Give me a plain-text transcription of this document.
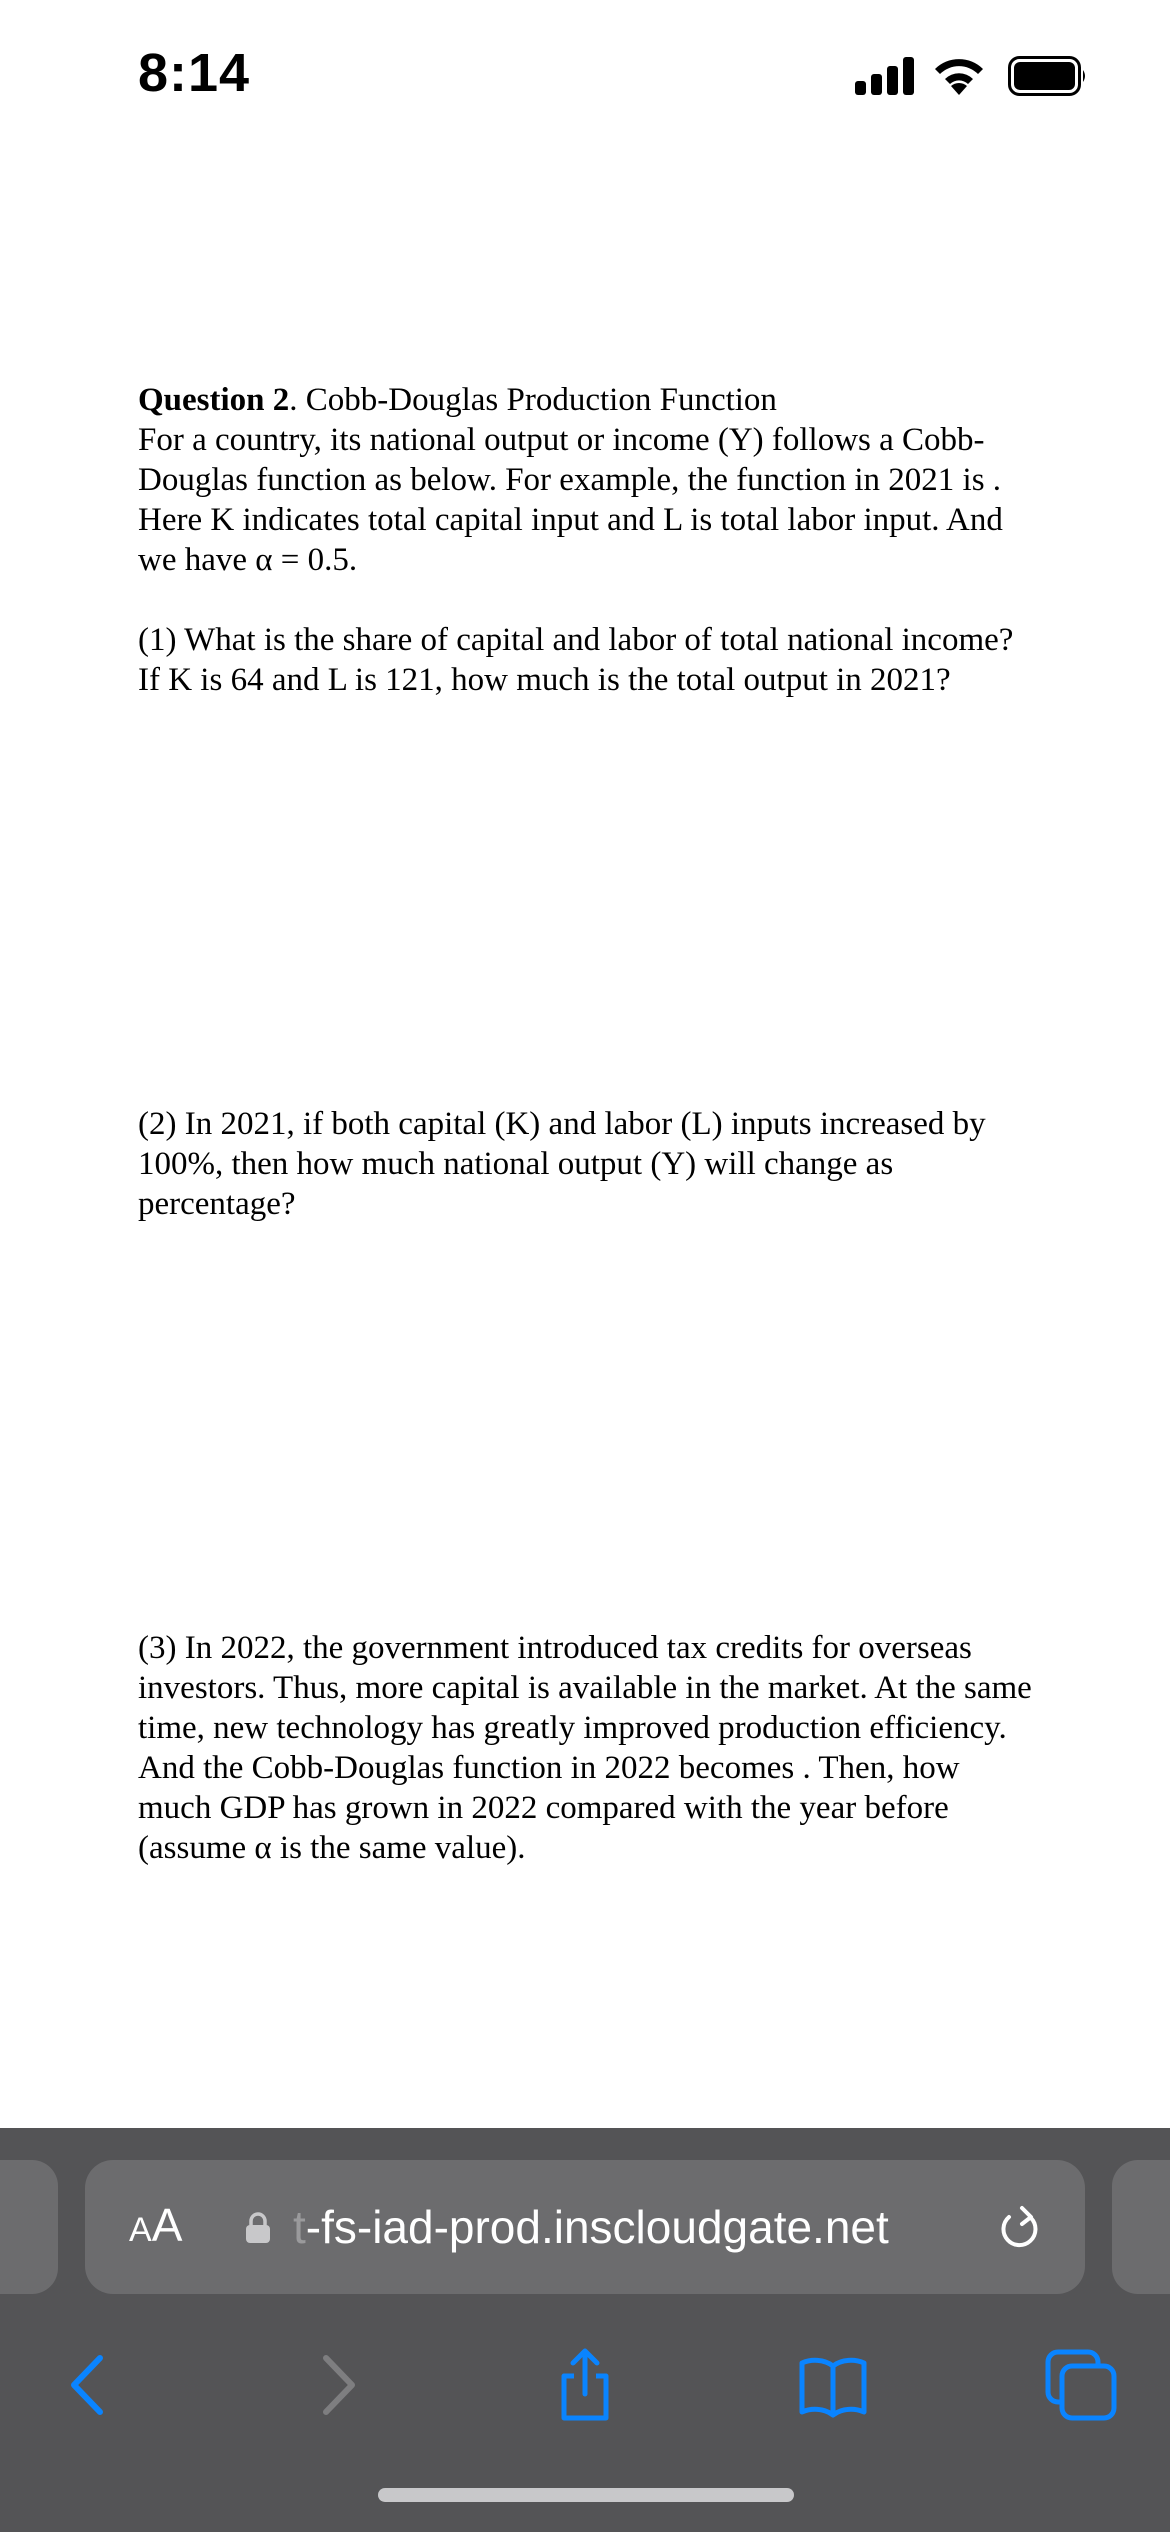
8:14

Question 2. Cobb-Douglas Production Function

For a country, its national output or income (Y) follows a Cobb-Douglas function as below. For example, the function in 2021 is . Here K indicates total capital input and L is total labor input. And we have α = 0.5.

(1) What is the share of capital and labor of total national income? If K is 64 and L is 121, how much is the total output in 2021?

(2) In 2021, if both capital (K) and labor (L) inputs increased by 100%, then how much national output (Y) will change as percentage?

(3) In 2022, the government introduced tax credits for overseas investors. Thus, more capital is available in the market. At the same time, new technology has greatly improved production efficiency. And the Cobb-Douglas function in 2022 becomes . Then, how much GDP has grown in 2022 compared with the year before (assume α is the same value).

AA t-fs-iad-prod.inscloudgate.net
